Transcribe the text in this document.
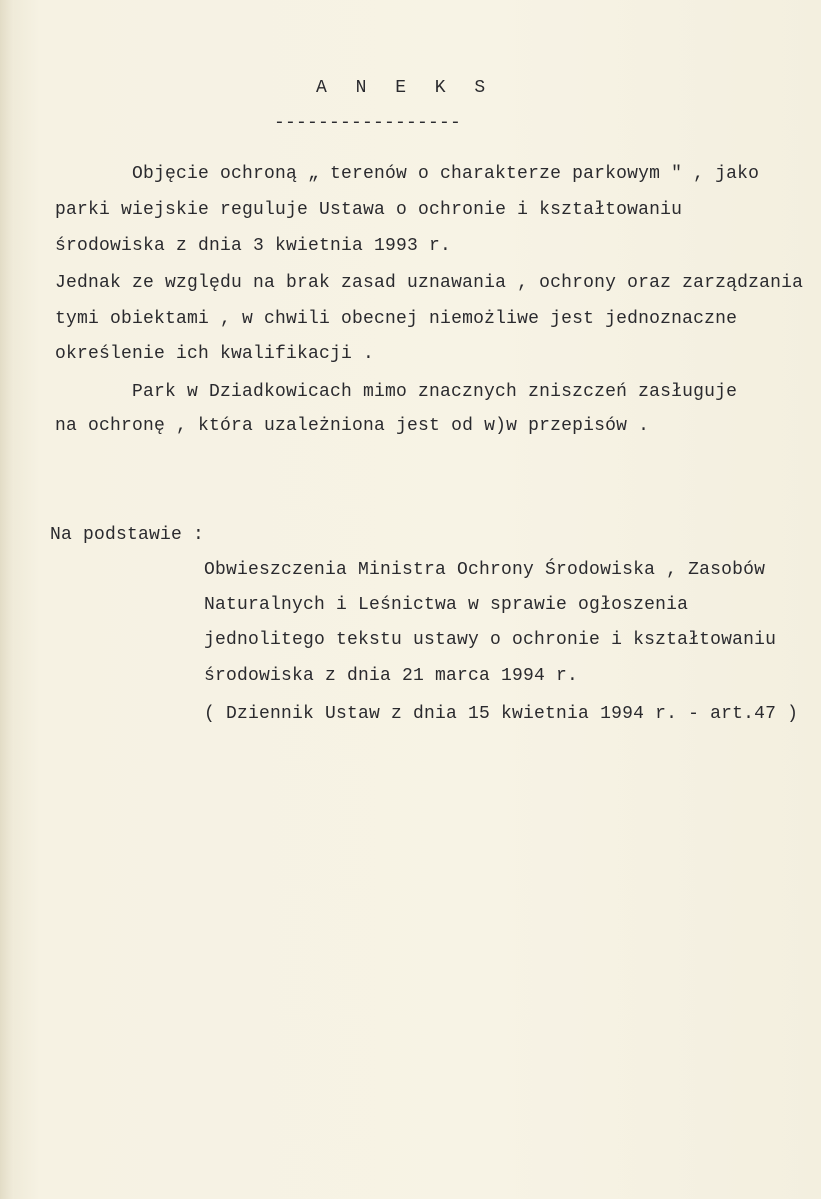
A N E K S
-----------------
Objęcie ochroną „ terenów o charakterze parkowym " , jako
parki wiejskie reguluje Ustawa o ochronie i kształtowaniu
środowiska z dnia 3 kwietnia 1993 r.
Jednak ze względu na brak zasad uznawania , ochrony oraz zarządzania
tymi obiektami , w chwili obecnej niemożliwe jest jednoznaczne
określenie ich kwalifikacji .
Park w Dziadkowicach mimo znacznych zniszczeń zasługuje
na ochronę , która uzależniona jest od w)w przepisów .
Na podstawie :
Obwieszczenia Ministra Ochrony Środowiska , Zasobów
Naturalnych i Leśnictwa w sprawie ogłoszenia
jednolitego tekstu ustawy o ochronie i kształtowaniu
środowiska z dnia 21 marca 1994 r.
( Dziennik Ustaw z dnia 15 kwietnia 1994 r. - art.47 )
